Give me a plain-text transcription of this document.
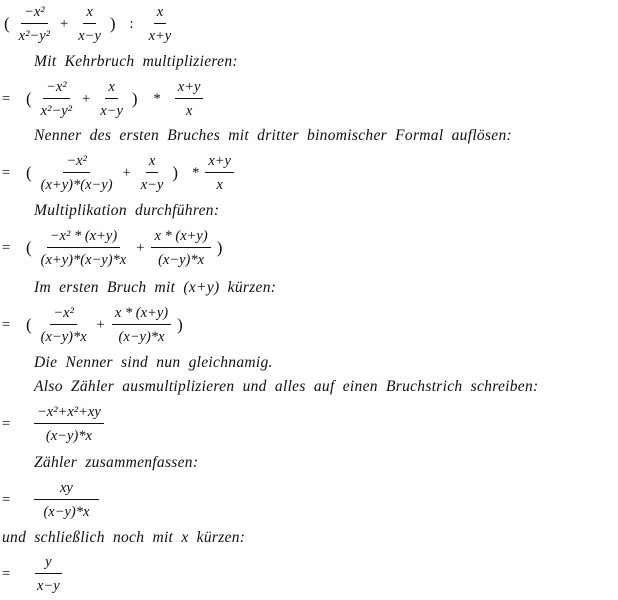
( $\frac{\text{−x²}}{\text{x²−y²}} + \frac{x}{x-y}$ ) : $\frac{x}{x+y}$
Mit Kehrbruch multiplizieren:
= ( $\frac{\text{−x²}}{\text{x²−y²}} + \frac{x}{x-y}$ ) * $\frac{x+y}{x}$
Nenner des ersten Bruches mit dritter binomischer Formal auflösen:
= ( $\frac{\text{−x²}}{(x+y)*(x-y)} + \frac{x}{x-y}$ ) * $\frac{x+y}{x}$
Multiplikation durchführen:
= ( $\frac{\text{−x² * (x+y)}}{(x+y)*(x-y)*x} + \frac{x * (x+y)}{(x-y)*x}$ )
Im ersten Bruch mit (x+y) kürzen:
= ( $\frac{\text{−x²}}{(x-y)*x} + \frac{x * (x+y)}{(x-y)*x}$ )
Die Nenner sind nun gleichnamig.
Also Zähler ausmultiplizieren und alles auf einen Bruchstrich schreiben:
=	$\frac{\text{−x²+x²+xy}}{(x-y)*x}$
Zähler zusammenfassen:
=	$\frac{xy}{(x-y)*x}$
und schließlich noch mit x kürzen:
=	$\frac{y}{x-y}$
